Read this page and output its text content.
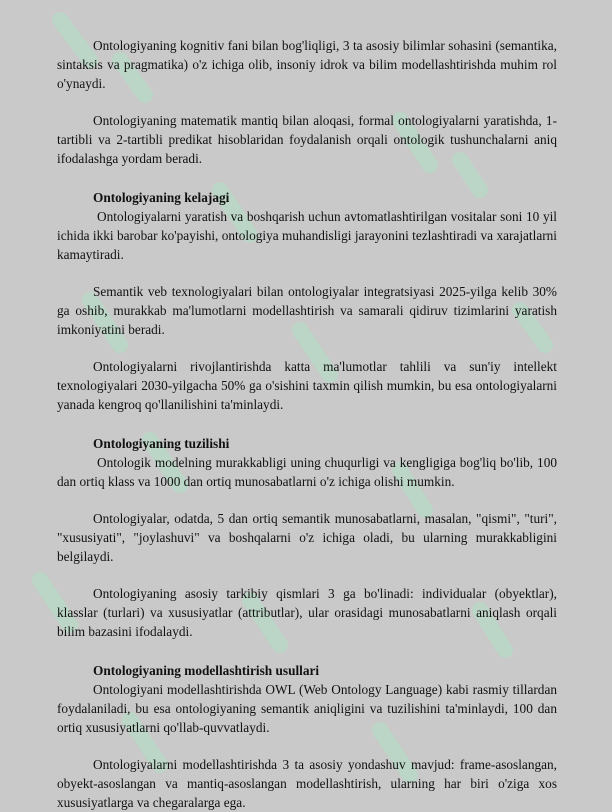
Ontologiyaning kognitiv fani bilan bog'liqligi, 3 ta asosiy bilimlar sohasini (semantika, sintaksis va pragmatika) o'z ichiga olib, insoniy idrok va bilim modellashtirishda muhim rol o'ynaydi.

Ontologiyaning matematik mantiq bilan aloqasi, formal ontologiyalarni yaratishda, 1-tartibli va 2-tartibli predikat hisoblaridan foydalanish orqali ontologik tushunchalarni aniq ifodalashga yordam beradi.

Ontologiyaning kelajagi

Ontologiyalarni yaratish va boshqarish uchun avtomatlashtirilgan vositalar soni 10 yil ichida ikki barobar ko'payishi, ontologiya muhandisligi jarayonini tezlashtiradi va xarajatlarni kamaytiradi.

Semantik veb texnologiyalari bilan ontologiyalar integratsiyasi 2025-yilga kelib 30% ga oshib, murakkab ma'lumotlarni modellashtirish va samarali qidiruv tizimlarini yaratish imkoniyatini beradi.

Ontologiyalarni rivojlantirishda katta ma'lumotlar tahlili va sun'iy intellekt texnologiyalari 2030-yilgacha 50% ga o'sishini taxmin qilish mumkin, bu esa ontologiyalarni yanada kengroq qo'llanilishini ta'minlaydi.

Ontologiyaning tuzilishi

Ontologik modelning murakkabligi uning chuqurligi va kengligiga bog'liq bo'lib, 100 dan ortiq klass va 1000 dan ortiq munosabatlarni o'z ichiga olishi mumkin.

Ontologiyalar, odatda, 5 dan ortiq semantik munosabatlarni, masalan, "qismi", "turi", "xususiyati", "joylashuvi" va boshqalarni o'z ichiga oladi, bu ularning murakkabligini belgilaydi.

Ontologiyaning asosiy tarkibiy qismlari 3 ga bo'linadi: individualar (obyektlar), klasslar (turlari) va xususiyatlar (attributlar), ular orasidagi munosabatlarni aniqlash orqali bilim bazasini ifodalaydi.

Ontologiyaning modellashtirish usullari

Ontologiyani modellashtirishda OWL (Web Ontology Language) kabi rasmiy tillardan foydalaniladi, bu esa ontologiyaning semantik aniqligini va tuzilishini ta'minlaydi, 100 dan ortiq xususiyatlarni qo'llab-quvvatlaydi.

Ontologiyalarni modellashtirishda 3 ta asosiy yondashuv mavjud: frame-asoslangan, obyekt-asoslangan va mantiq-asoslangan modellashtirish, ularning har biri o'ziga xos xususiyatlarga va chegaralarga ega.
